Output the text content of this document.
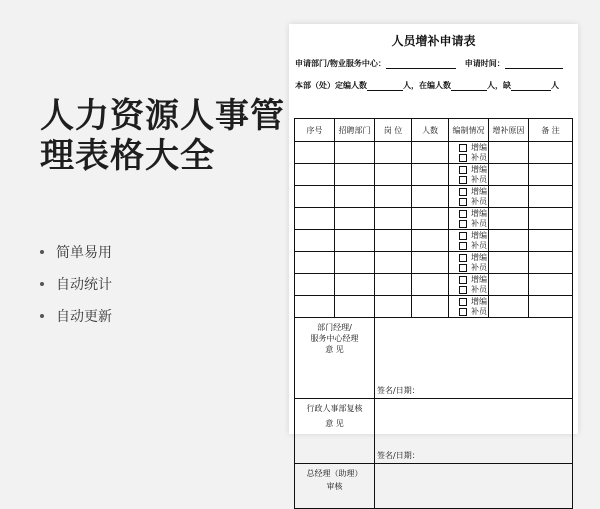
人力资源人事管
理表格大全
简单易用
自动统计
自动更新
人员增补申请表
申请部门/物业服务中心：	申请时间：
本部（处）定编人数	人，在编人数	人，缺	人
序号	招聘部门	岗 位	人数	编制情况	增补原因	备 注

				增编
补员		

				增编
补员		

				增编
补员		

				增编
补员		

				增编
补员		

				增编
补员		

				增编
补员		

				增编
补员		

部门经理/
服务中心经理
意 见		签名/日期：				

行政人事部复核
意 见		签名/日期：				

总经理（助理）
审核						
